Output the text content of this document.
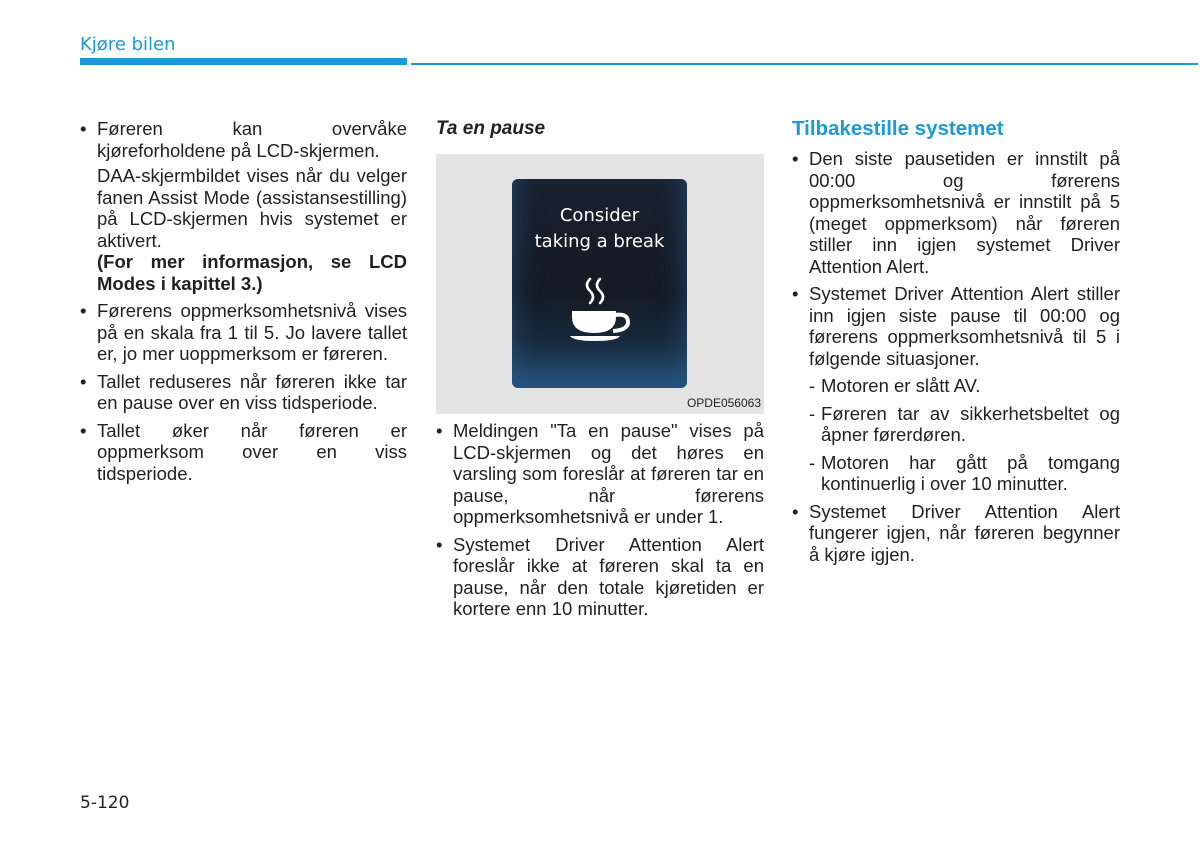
Kjøre bilen
• Føreren kan overvåke kjøreforholdene på LCD-skjermen.
DAA-skjermbildet vises når du velger fanen Assist Mode (assistansestilling) på LCD-skjermen hvis systemet er aktivert.
(For mer informasjon, se LCD Modes i kapittel 3.)
• Førerens oppmerksomhetsnivå vises på en skala fra 1 til 5. Jo lavere tallet er, jo mer uoppmerksom er føreren.
• Tallet reduseres når føreren ikke tar en pause over en viss tidsperiode.
• Tallet øker når føreren er oppmerksom over en viss tidsperiode.
Ta en pause
Consider
taking a break
OPDE056063
• Meldingen "Ta en pause" vises på LCD-skjermen og det høres en varsling som foreslår at føreren tar en pause, når førerens oppmerksomhetsnivå er under 1.
• Systemet Driver Attention Alert foreslår ikke at føreren skal ta en pause, når den totale kjøretiden er kortere enn 10 minutter.
Tilbakestille systemet
• Den siste pausetiden er innstilt på 00:00 og førerens oppmerksomhetsnivå er innstilt på 5 (meget oppmerksom) når føreren stiller inn igjen systemet Driver Attention Alert.
• Systemet Driver Attention Alert stiller inn igjen siste pause til 00:00 og førerens oppmerksomhetsnivå til 5 i følgende situasjoner.
- Motoren er slått AV.
- Føreren tar av sikkerhetsbeltet og åpner førerdøren.
- Motoren har gått på tomgang kontinuerlig i over 10 minutter.
• Systemet Driver Attention Alert fungerer igjen, når føreren begynner å kjøre igjen.
5-120
